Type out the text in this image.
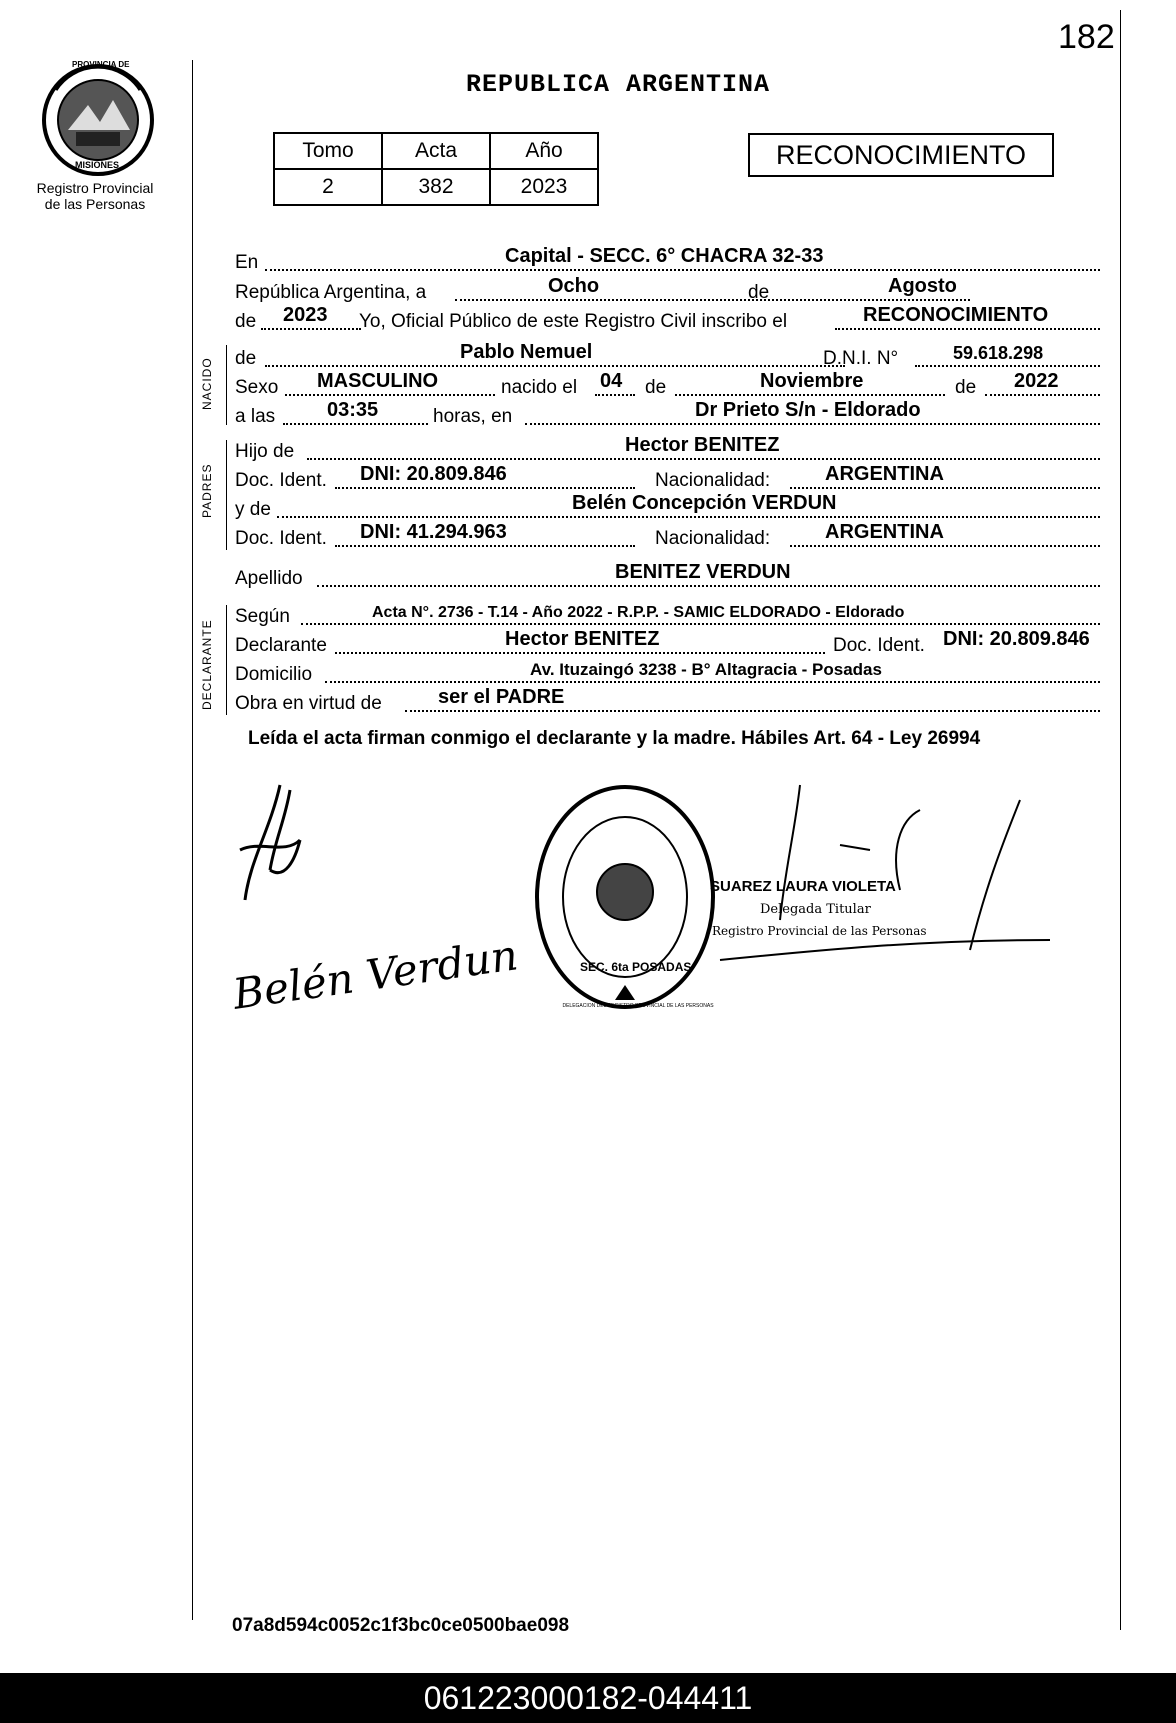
182
PROVINCIA DE
MISIONES
Registro Provincial
de las Personas
REPUBLICA ARGENTINA
Tomo	Acta	Año
2	382	2023
RECONOCIMIENTO
NACIDO
PADRES
DECLARANTE
En	Capital - SECC. 6° CHACRA 32-33
República Argentina, a	Ocho	de	Agosto
de 2023 Yo, Oficial Público de este Registro Civil inscribo el	RECONOCIMIENTO
de	Pablo Nemuel	D.N.I. N°	59.618.298
Sexo MASCULINO	nacido el 04 de	Noviembre	de 2022
a las	03:35	horas, en	Dr Prieto S/n - Eldorado
Hijo de	Hector BENITEZ
Doc. Ident. DNI: 20.809.846	Nacionalidad:	ARGENTINA
y de	Belén Concepción VERDUN
Doc. Ident. DNI: 41.294.963	Nacionalidad:	ARGENTINA
Apellido	BENITEZ VERDUN
Según	Acta N°. 2736 - T.14 - Año 2022 - R.P.P. - SAMIC ELDORADO - Eldorado
Declarante	Hector BENITEZ	Doc. Ident. DNI: 20.809.846
Domicilio	Av. Ituzaingó 3238 - B° Altagracia - Posadas
Obra en virtud de	ser el PADRE
Leída el acta firman conmigo el declarante y la madre. Hábiles Art. 64 - Ley 26994
Belén Verdun	SEC. 6ta POSADAS
DELEGACION DEL REGISTRO PROVINCIAL DE LAS PERSONAS
SUAREZ LAURA VIOLETA
Delegada Titular
Registro Provincial de las Personas
07a8d594c0052c1f3bc0ce0500bae098
061223000182-044411
